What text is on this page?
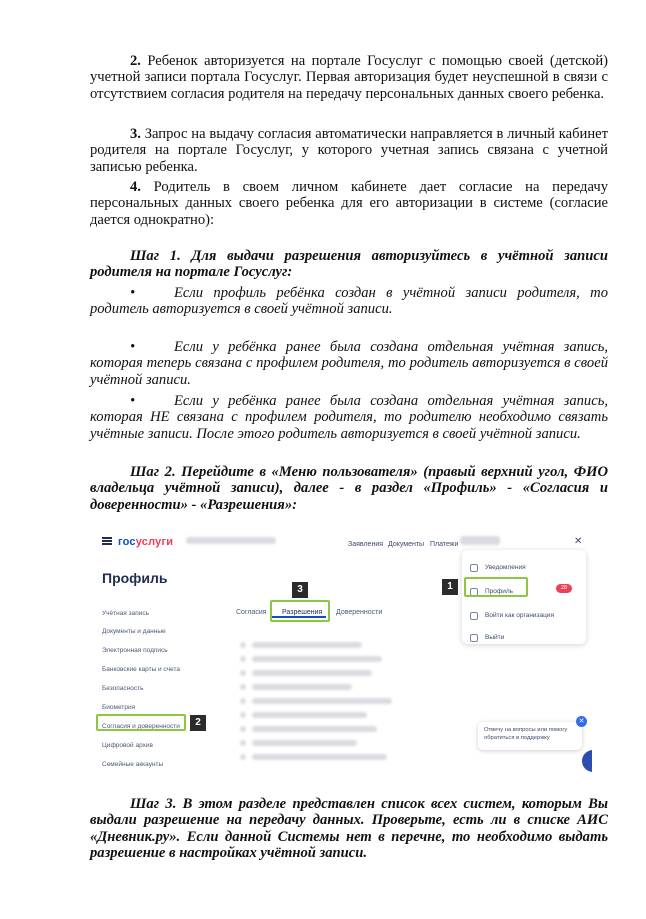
2. Ребенок авторизуется на портале Госуслуг с помощью своей (детской) учетной записи портала Госуслуг. Первая авторизация будет неуспешной в связи с отсутствием согласия родителя на передачу персональных данных своего ребенка.

3. Запрос на выдачу согласия автоматически направляется в личный кабинет родителя на портале Госуслуг, у которого учетная запись связана с учетной записью ребенка.

4. Родитель в своем личном кабинете дает согласие на передачу персональных данных своего ребенка для его авторизации в системе (согласие дается однократно):

Шаг 1. Для выдачи разрешения авторизуйтесь в учётной записи родителя на портале Госуслуг:

•	Если профиль ребёнка создан в учётной записи родителя, то родитель авторизуется в своей учётной записи.

•	Если у ребёнка ранее была создана отдельная учётная запись, которая теперь связана с профилем родителя, то родитель авторизуется в своей учётной записи.

•	Если у ребёнка ранее была создана отдельная учётная запись, которая НЕ связана с профилем родителя, то родителю необходимо связать учётные записи. После этого родитель авторизуется в своей учётной записи.

Шаг 2. Перейдите в «Меню пользователя» (правый верхний угол, ФИО владельца учётной записи), далее - в раздел «Профиль» - «Согласия и доверенности» - «Разрешения»:

госуслуги	Заявления Документы Платежи	✕
Профиль
Учётная запись
Документы и данные
Электронная подпись
Банковские карты и счета
Безопасность
Биометрия
Согласия и доверенности
Цифровой архив
Семейные аккаунты
2
Согласия Разрешения Доверенности
3
Уведомления
28
Профиль
Войти как организация
Выйти
1
Отвечу на вопросы или помогу обратиться в поддержку
✕

Шаг 3. В этом разделе представлен список всех систем, которым Вы выдали разрешение на передачу данных. Проверьте, есть ли в списке АИС «Дневник.ру». Если данной Системы нет в перечне, то необходимо выдать разрешение в настройках учётной записи.
